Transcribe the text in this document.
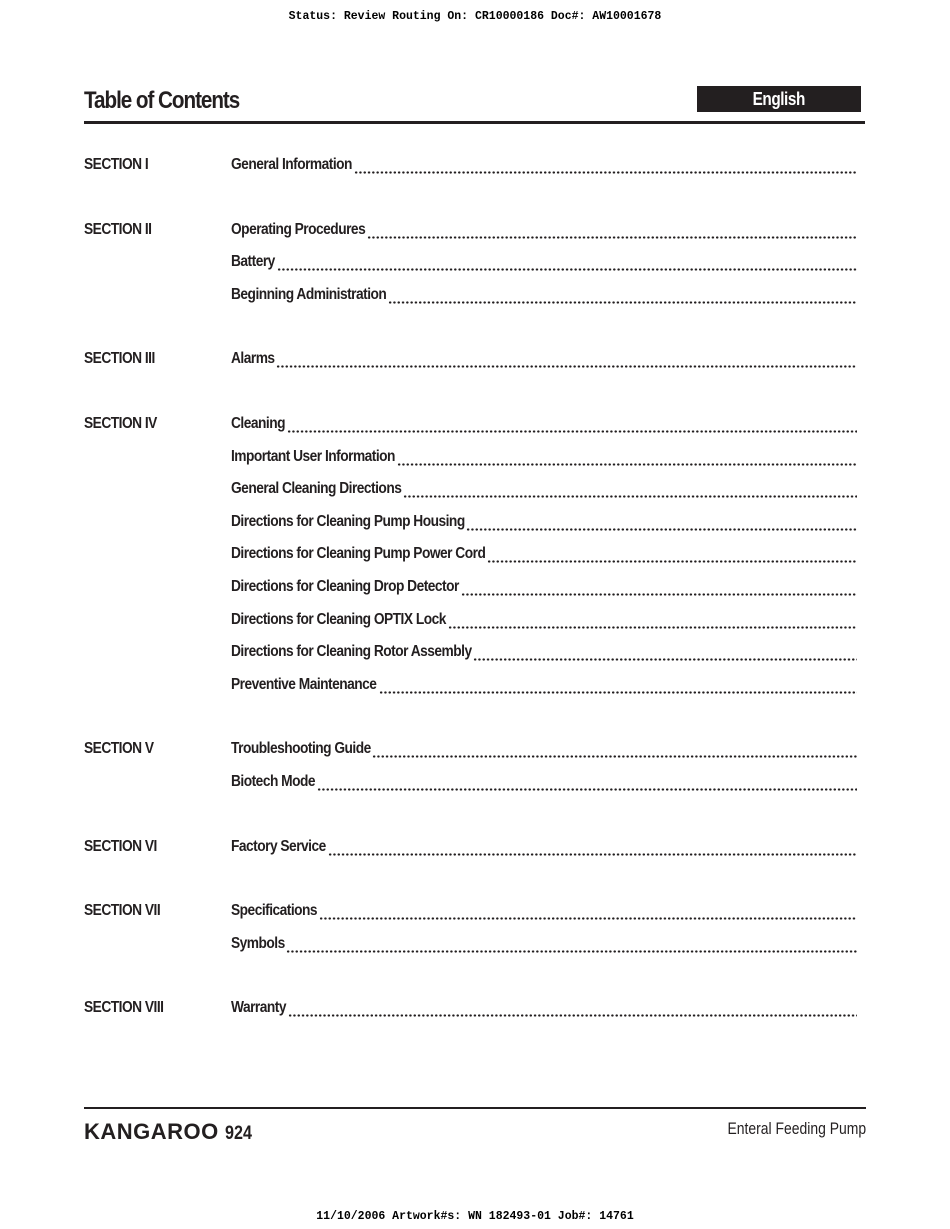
Status: Review Routing On: CR10000186 Doc#: AW10001678
Table of Contents	English
SECTION I	General Information
SECTION II	Operating Procedures
Battery
Beginning Administration
SECTION III	Alarms
SECTION IV	Cleaning
Important User Information
General Cleaning Directions
Directions for Cleaning Pump Housing
Directions for Cleaning Pump Power Cord
Directions for Cleaning Drop Detector
Directions for Cleaning OPTIX Lock
Directions for Cleaning Rotor Assembly
Preventive Maintenance
SECTION V	Troubleshooting Guide
Biotech Mode
SECTION VI	Factory Service
SECTION VII	Specifications
Symbols
SECTION VIII	Warranty
KANGAROO 924	Enteral Feeding Pump
11/10/2006 Artwork#s: WN 182493-01 Job#: 14761
